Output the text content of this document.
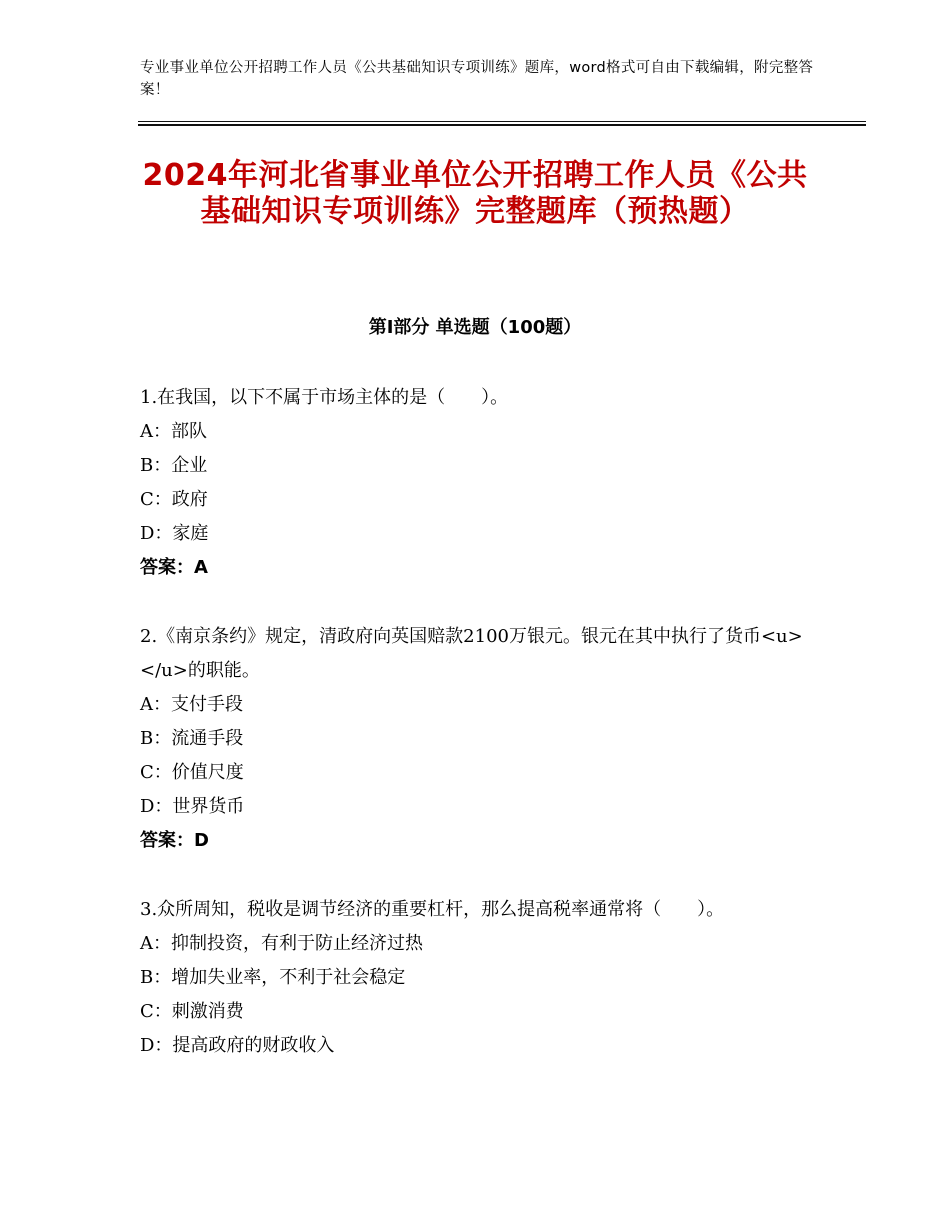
专业事业单位公开招聘工作人员《公共基础知识专项训练》题库，word格式可自由下载编辑，附完整答案！
2024年河北省事业单位公开招聘工作人员《公共基础知识专项训练》完整题库（预热题）
第Ⅰ部分 单选题（100题）
1.在我国，以下不属于市场主体的是（　　）。
A：部队
B：企业
C：政府
D：家庭
答案：A
2.《南京条约》规定，清政府向英国赔款2100万银元。银元在其中执行了货币<u>　　　　　</u>的职能。
A：支付手段
B：流通手段
C：价值尺度
D：世界货币
答案：D
3.众所周知，税收是调节经济的重要杠杆，那么提高税率通常将（　　）。
A：抑制投资，有利于防止经济过热
B：增加失业率，不利于社会稳定
C：刺激消费
D：提高政府的财政收入
